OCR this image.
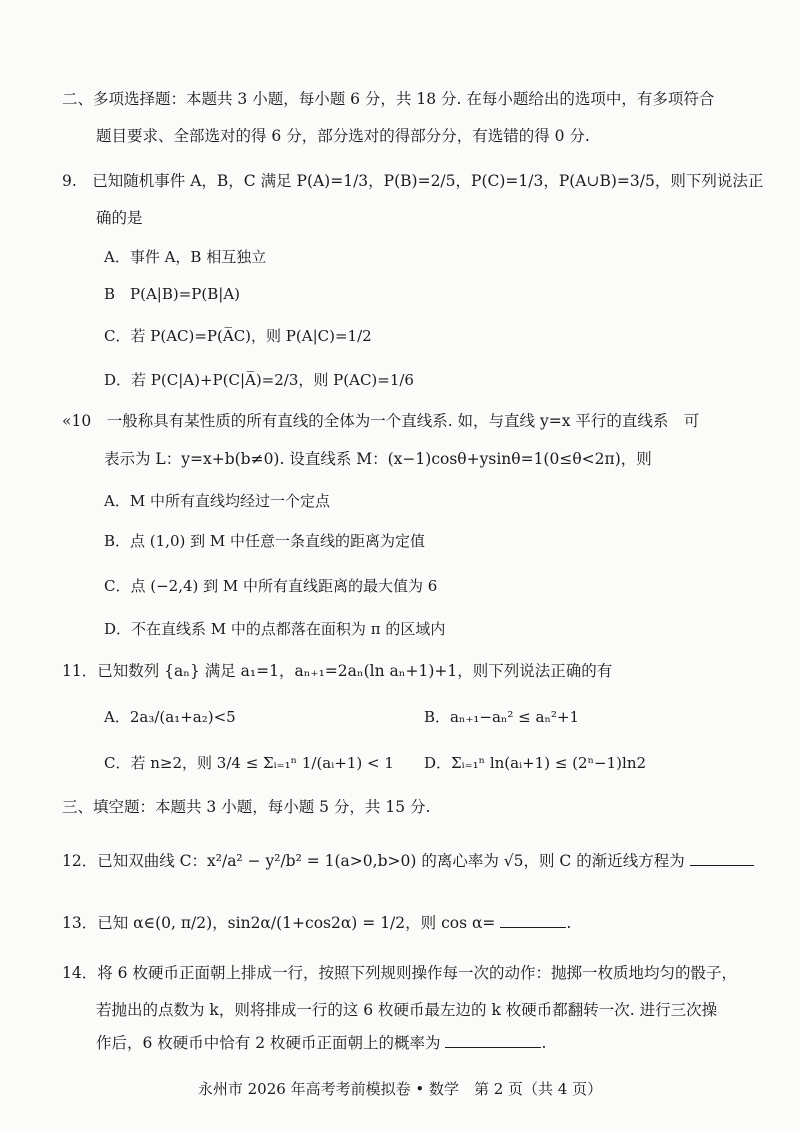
二、多项选择题：本题共 3 小题，每小题 6 分，共 18 分. 在每小题给出的选项中，有多项符合
题目要求、全部选对的得 6 分，部分选对的得部分分，有选错的得 0 分.
9.　已知随机事件 A，B，C 满足 P(A)=1/3，P(B)=2/5，P(C)=1/3，P(A∪B)=3/5，则下列说法正
确的是
A．事件 A，B 相互独立
B　P(A|B)=P(B|A)
C．若 P(AC)=P(A̅C)，则 P(A|C)=1/2
D．若 P(C|A)+P(C|A̅)=2/3，则 P(AC)=1/6
«10　一般称具有某性质的所有直线的全体为一个直线系. 如，与直线 y=x 平行的直线系　可
表示为 L：y=x+b(b≠0). 设直线系 M：(x−1)cosθ+ysinθ=1(0≤θ<2π)，则
A．M 中所有直线均经过一个定点
B．点 (1,0) 到 M 中任意一条直线的距离为定值
C．点 (−2,4) 到 M 中所有直线距离的最大值为 6
D．不在直线系 M 中的点都落在面积为 π 的区域内
11．已知数列 {aₙ} 满足 a₁=1，aₙ₊₁=2aₙ(ln aₙ+1)+1，则下列说法正确的有
A．2a₃/(a₁+a₂)<5	B．aₙ₊₁−aₙ² ≤ aₙ²+1
C．若 n≥2，则 3/4 ≤ Σᵢ₌₁ⁿ 1/(aᵢ+1) < 1 D．Σᵢ₌₁ⁿ ln(aᵢ+1) ≤ (2ⁿ−1)ln2
三、填空题：本题共 3 小题，每小题 5 分，共 15 分.
12．已知双曲线 C：x²/a² − y²/b² = 1(a>0,b>0) 的离心率为 √5，则 C 的渐近线方程为
13．已知 α∈(0, π/2)，sin2α/(1+cos2α) = 1/2，则 cos α=	.
14．将 6 枚硬币正面朝上排成一行，按照下列规则操作每一次的动作：抛掷一枚质地均匀的骰子，
若抛出的点数为 k，则将排成一行的这 6 枚硬币最左边的 k 枚硬币都翻转一次. 进行三次操
作后，6 枚硬币中恰有 2 枚硬币正面朝上的概率为	.
永州市 2026 年高考考前模拟卷 • 数学　第 2 页（共 4 页）
